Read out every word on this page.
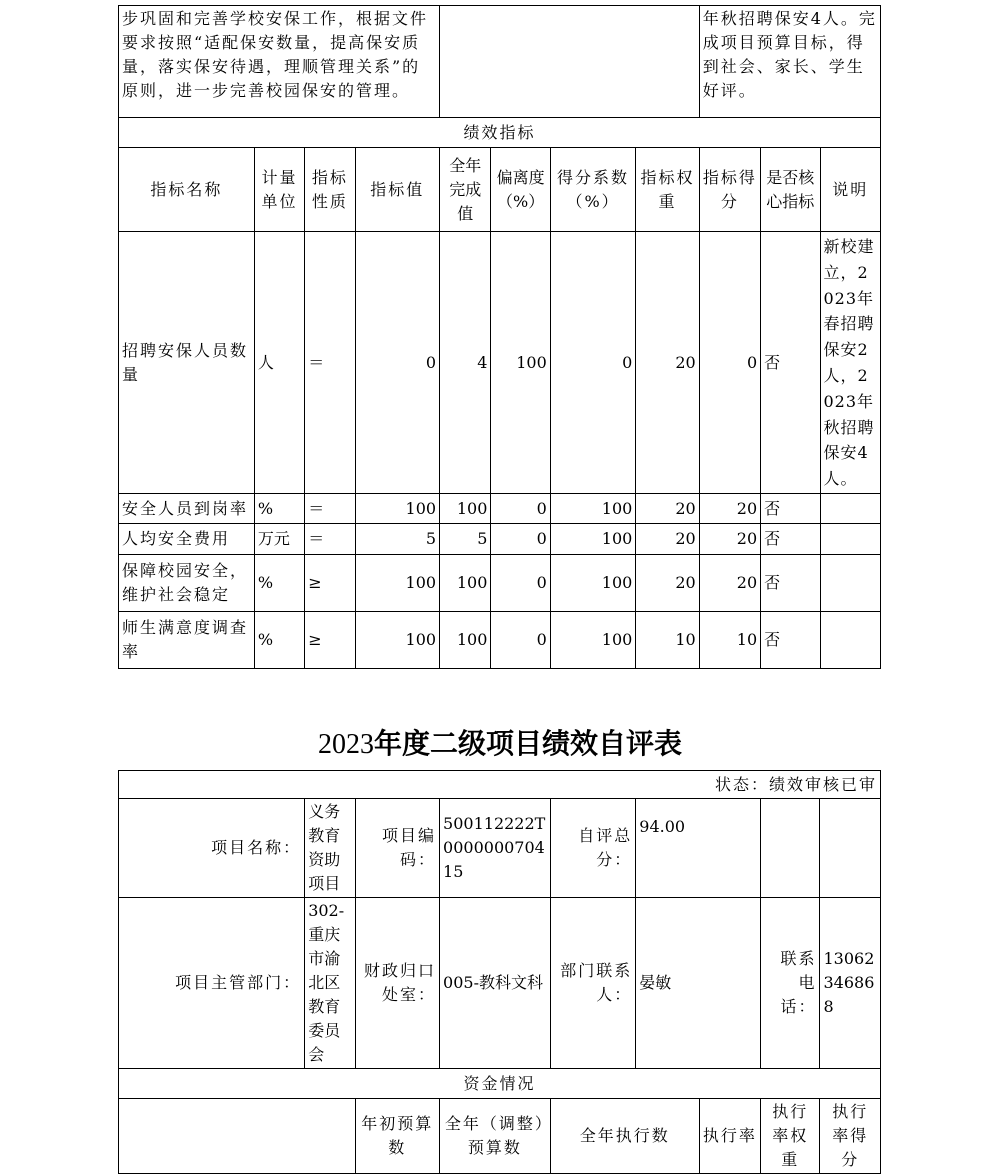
步巩固和完善学校安保工作，根据文件要求按照“适配保安数量，提高保安质量，落实保安待遇，理顺管理关系”的原则，进一步完善校园保安的管理。								年秋招聘保安4人。完成项目预算目标，得到社会、家长、学生好评。		
绩效指标										
指标名称	计量单位	指标性质	指标值	全年完成值	偏离度（%）	得分系数（%）	指标权重	指标得分	是否核心指标	说明
招聘安保人员数量	人	＝	0	4	100	0	20	0	否	新校建立，2023年春招聘保安2人，2023年秋招聘保安4人。
安全人员到岗率	%	＝	100	100	0	100	20	20	否	
人均安全费用	万元	＝	5	5	0	100	20	20	否	
保障校园安全，维护社会稳定	%	≥	100	100	0	100	20	20	否	
师生满意度调查率	%	≥	100	100	0	100	10	10	否	
2023年度二级项目绩效自评表
状态：绩效审核已审								
项目名称：	义务教育资助项目	项目编码：	500112222T000000070415	自评总分：	94.00			
项目主管部门：	302-重庆市渝北区教育委员会	财政归口处室：	005-教科文科	部门联系人：	晏敏		联系电话：	13062346868
资金情况								
		年初预算数	全年（调整）预算数	全年执行数		执行率	执行率权重	执行率得分
